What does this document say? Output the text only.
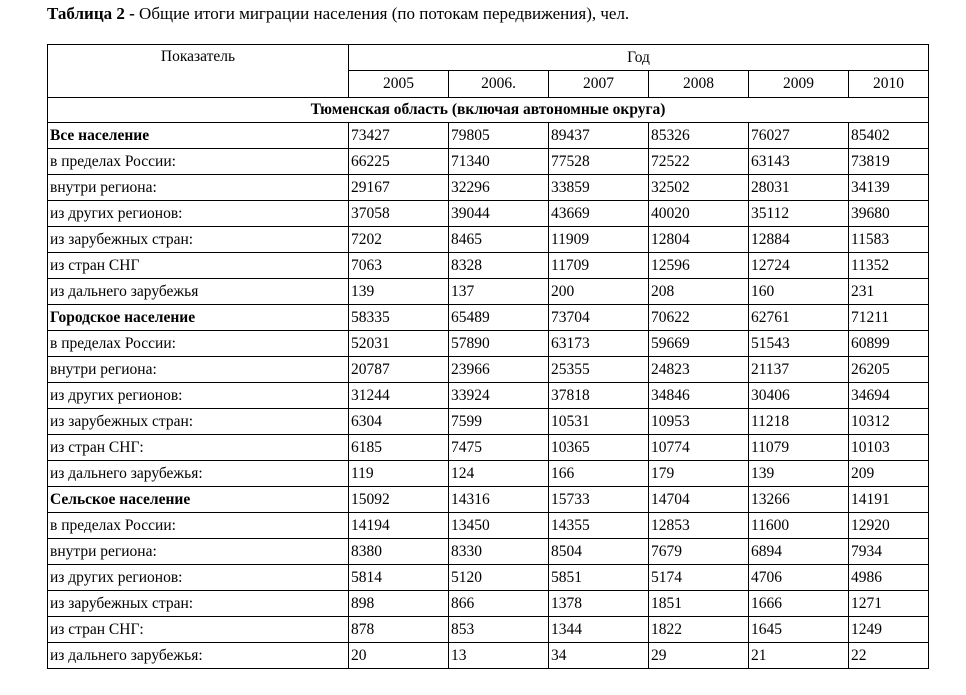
Таблица 2 - Общие итоги миграции населения (по потокам передвижения), чел.
Показатель	Год					
	2005	2006.	2007	2008	2009	2010
Тюменская область (включая автономные округа)						
Все население	73427	79805	89437	85326	76027	85402
в пределах России:	66225	71340	77528	72522	63143	73819
внутри региона:	29167	32296	33859	32502	28031	34139
из других регионов:	37058	39044	43669	40020	35112	39680
из зарубежных стран:	7202	8465	11909	12804	12884	11583
из стран СНГ	7063	8328	11709	12596	12724	11352
из дальнего зарубежья	139	137	200	208	160	231
Городское население	58335	65489	73704	70622	62761	71211
в пределах России:	52031	57890	63173	59669	51543	60899
внутри региона:	20787	23966	25355	24823	21137	26205
из других регионов:	31244	33924	37818	34846	30406	34694
из зарубежных стран:	6304	7599	10531	10953	11218	10312
из стран СНГ:	6185	7475	10365	10774	11079	10103
из дальнего зарубежья:	119	124	166	179	139	209
Сельское население	15092	14316	15733	14704	13266	14191
в пределах России:	14194	13450	14355	12853	11600	12920
внутри региона:	8380	8330	8504	7679	6894	7934
из других регионов:	5814	5120	5851	5174	4706	4986
из зарубежных стран:	898	866	1378	1851	1666	1271
из стран СНГ:	878	853	1344	1822	1645	1249
из дальнего зарубежья:	20	13	34	29	21	22
